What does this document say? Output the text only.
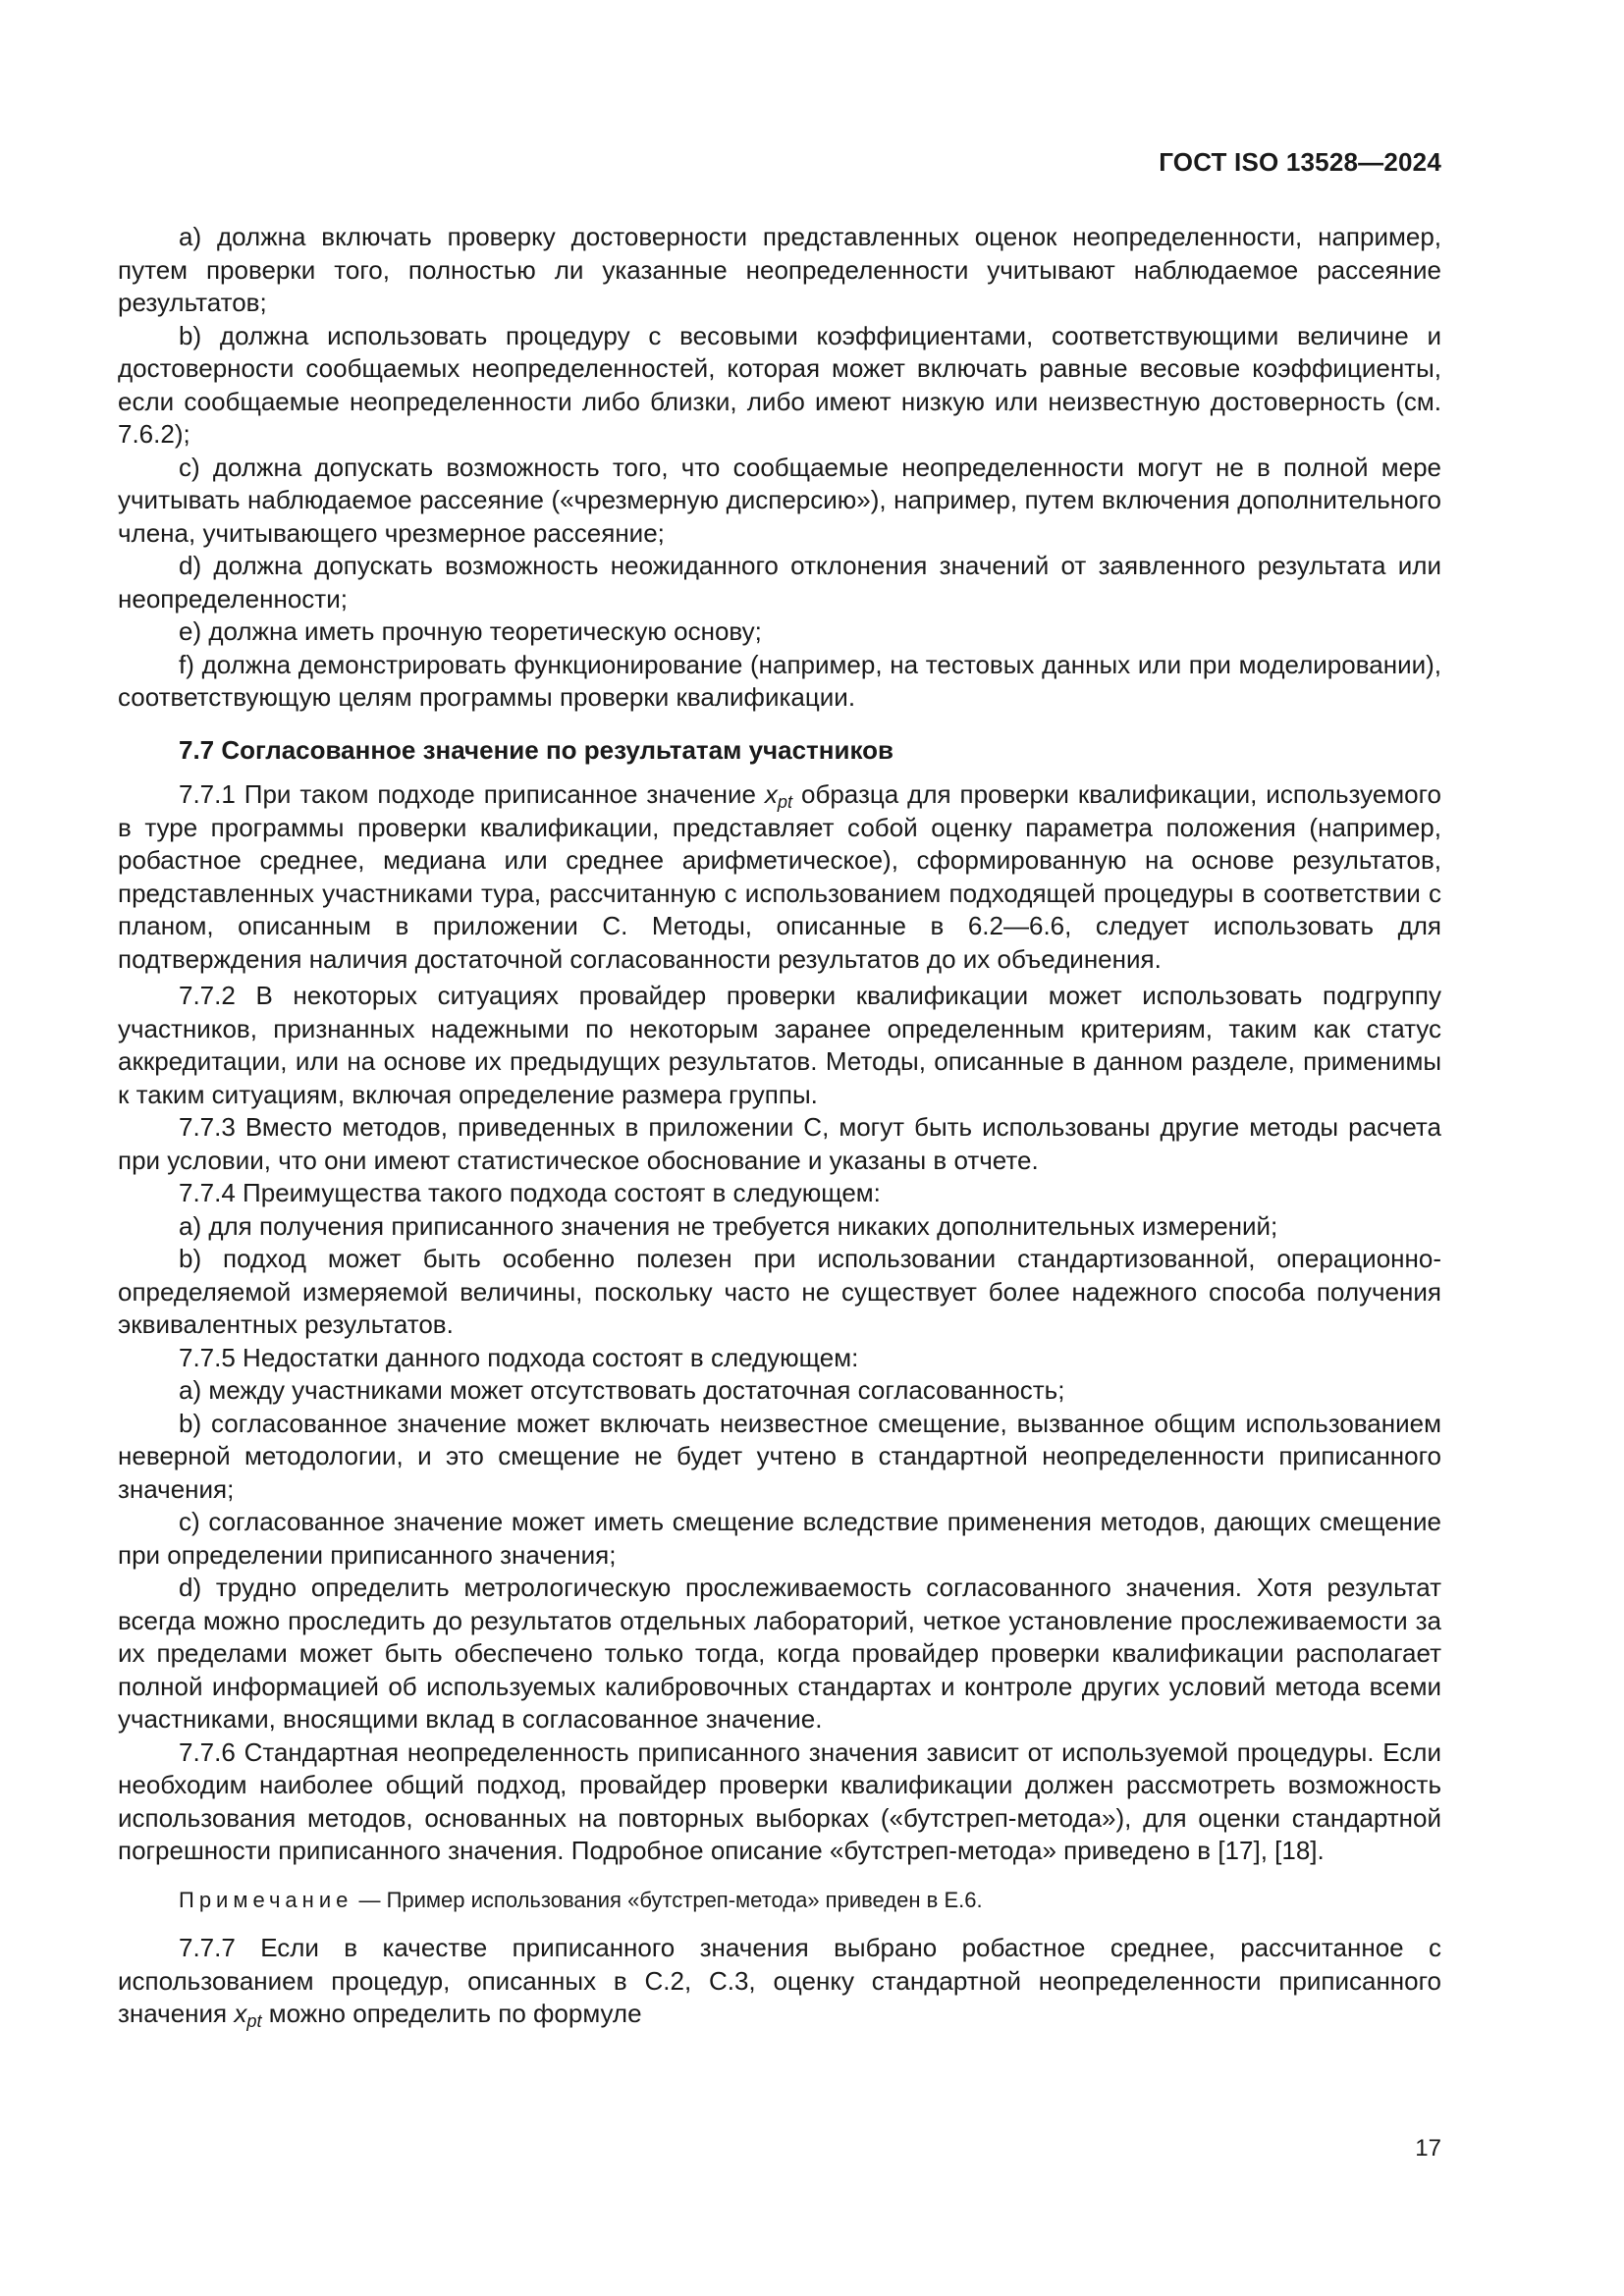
ГОСТ ISO 13528—2024

a) должна включать проверку достоверности представленных оценок неопределенности, например, путем проверки того, полностью ли указанные неопределенности учитывают наблюдаемое рассеяние результатов;

b) должна использовать процедуру с весовыми коэффициентами, соответствующими величине и достоверности сообщаемых неопределенностей, которая может включать равные весовые коэффициенты, если сообщаемые неопределенности либо близки, либо имеют низкую или неизвестную достоверность (см. 7.6.2);

c) должна допускать возможность того, что сообщаемые неопределенности могут не в полной мере учитывать наблюдаемое рассеяние («чрезмерную дисперсию»), например, путем включения дополнительного члена, учитывающего чрезмерное рассеяние;

d) должна допускать возможность неожиданного отклонения значений от заявленного результата или неопределенности;

e) должна иметь прочную теоретическую основу;

f) должна демонстрировать функционирование (например, на тестовых данных или при моделировании), соответствующую целям программы проверки квалификации.

7.7 Согласованное значение по результатам участников

7.7.1 При таком подходе приписанное значение $x_{pt}$ образца для проверки квалификации, используемого в туре программы проверки квалификации, представляет собой оценку параметра положения (например, робастное среднее, медиана или среднее арифметическое), сформированную на основе результатов, представленных участниками тура, рассчитанную с использованием подходящей процедуры в соответствии с планом, описанным в приложении С. Методы, описанные в 6.2—6.6, следует использовать для подтверждения наличия достаточной согласованности результатов до их объединения.

7.7.2 В некоторых ситуациях провайдер проверки квалификации может использовать подгруппу участников, признанных надежными по некоторым заранее определенным критериям, таким как статус аккредитации, или на основе их предыдущих результатов. Методы, описанные в данном разделе, применимы к таким ситуациям, включая определение размера группы.

7.7.3 Вместо методов, приведенных в приложении С, могут быть использованы другие методы расчета при условии, что они имеют статистическое обоснование и указаны в отчете.

7.7.4 Преимущества такого подхода состоят в следующем:

a) для получения приписанного значения не требуется никаких дополнительных измерений;

b) подход может быть особенно полезен при использовании стандартизованной, операционно-определяемой измеряемой величины, поскольку часто не существует более надежного способа получения эквивалентных результатов.

7.7.5 Недостатки данного подхода состоят в следующем:

a) между участниками может отсутствовать достаточная согласованность;

b) согласованное значение может включать неизвестное смещение, вызванное общим использованием неверной методологии, и это смещение не будет учтено в стандартной неопределенности приписанного значения;

c) согласованное значение может иметь смещение вследствие применения методов, дающих смещение при определении приписанного значения;

d) трудно определить метрологическую прослеживаемость согласованного значения. Хотя результат всегда можно проследить до результатов отдельных лабораторий, четкое установление прослеживаемости за их пределами может быть обеспечено только тогда, когда провайдер проверки квалификации располагает полной информацией об используемых калибровочных стандартах и контроле других условий метода всеми участниками, вносящими вклад в согласованное значение.

7.7.6 Стандартная неопределенность приписанного значения зависит от используемой процедуры. Если необходим наиболее общий подход, провайдер проверки квалификации должен рассмотреть возможность использования методов, основанных на повторных выборках («бутстреп-метода»), для оценки стандартной погрешности приписанного значения. Подробное описание «бутстреп-метода» приведено в [17], [18].

Примечание — Пример использования «бутстреп-метода» приведен в Е.6.

7.7.7 Если в качестве приписанного значения выбрано робастное среднее, рассчитанное с использованием процедур, описанных в С.2, С.3, оценку стандартной неопределенности приписанного значения $x_{pt}$ можно определить по формуле

17
